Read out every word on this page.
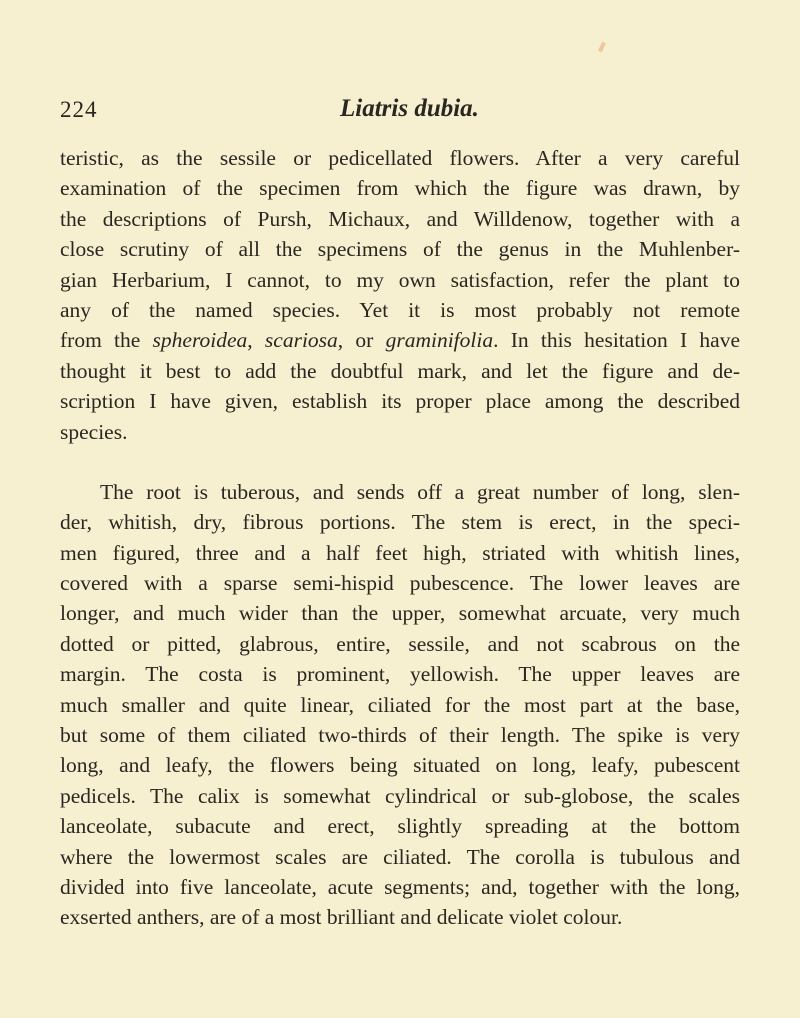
224	Liatris dubia.
teristic, as the sessile or pedicellated flowers. After a very careful
examination of the specimen from which the figure was drawn, by
the descriptions of Pursh, Michaux, and Willdenow, together with a
close scrutiny of all the specimens of the genus in the Muhlenber-
gian Herbarium, I cannot, to my own satisfaction, refer the plant to
any of the named species. Yet it is most probably not remote
from the spheroidea, scariosa, or graminifolia. In this hesitation I have
thought it best to add the doubtful mark, and let the figure and de-
scription I have given, establish its proper place among the described
species.
The root is tuberous, and sends off a great number of long, slen-
der, whitish, dry, fibrous portions. The stem is erect, in the speci-
men figured, three and a half feet high, striated with whitish lines,
covered with a sparse semi-hispid pubescence. The lower leaves are
longer, and much wider than the upper, somewhat arcuate, very much
dotted or pitted, glabrous, entire, sessile, and not scabrous on the
margin. The costa is prominent, yellowish. The upper leaves are
much smaller and quite linear, ciliated for the most part at the base,
but some of them ciliated two-thirds of their length. The spike is very
long, and leafy, the flowers being situated on long, leafy, pubescent
pedicels. The calix is somewhat cylindrical or sub-globose, the scales
lanceolate, subacute and erect, slightly spreading at the bottom
where the lowermost scales are ciliated. The corolla is tubulous and
divided into five lanceolate, acute segments; and, together with the long,
exserted anthers, are of a most brilliant and delicate violet colour.
